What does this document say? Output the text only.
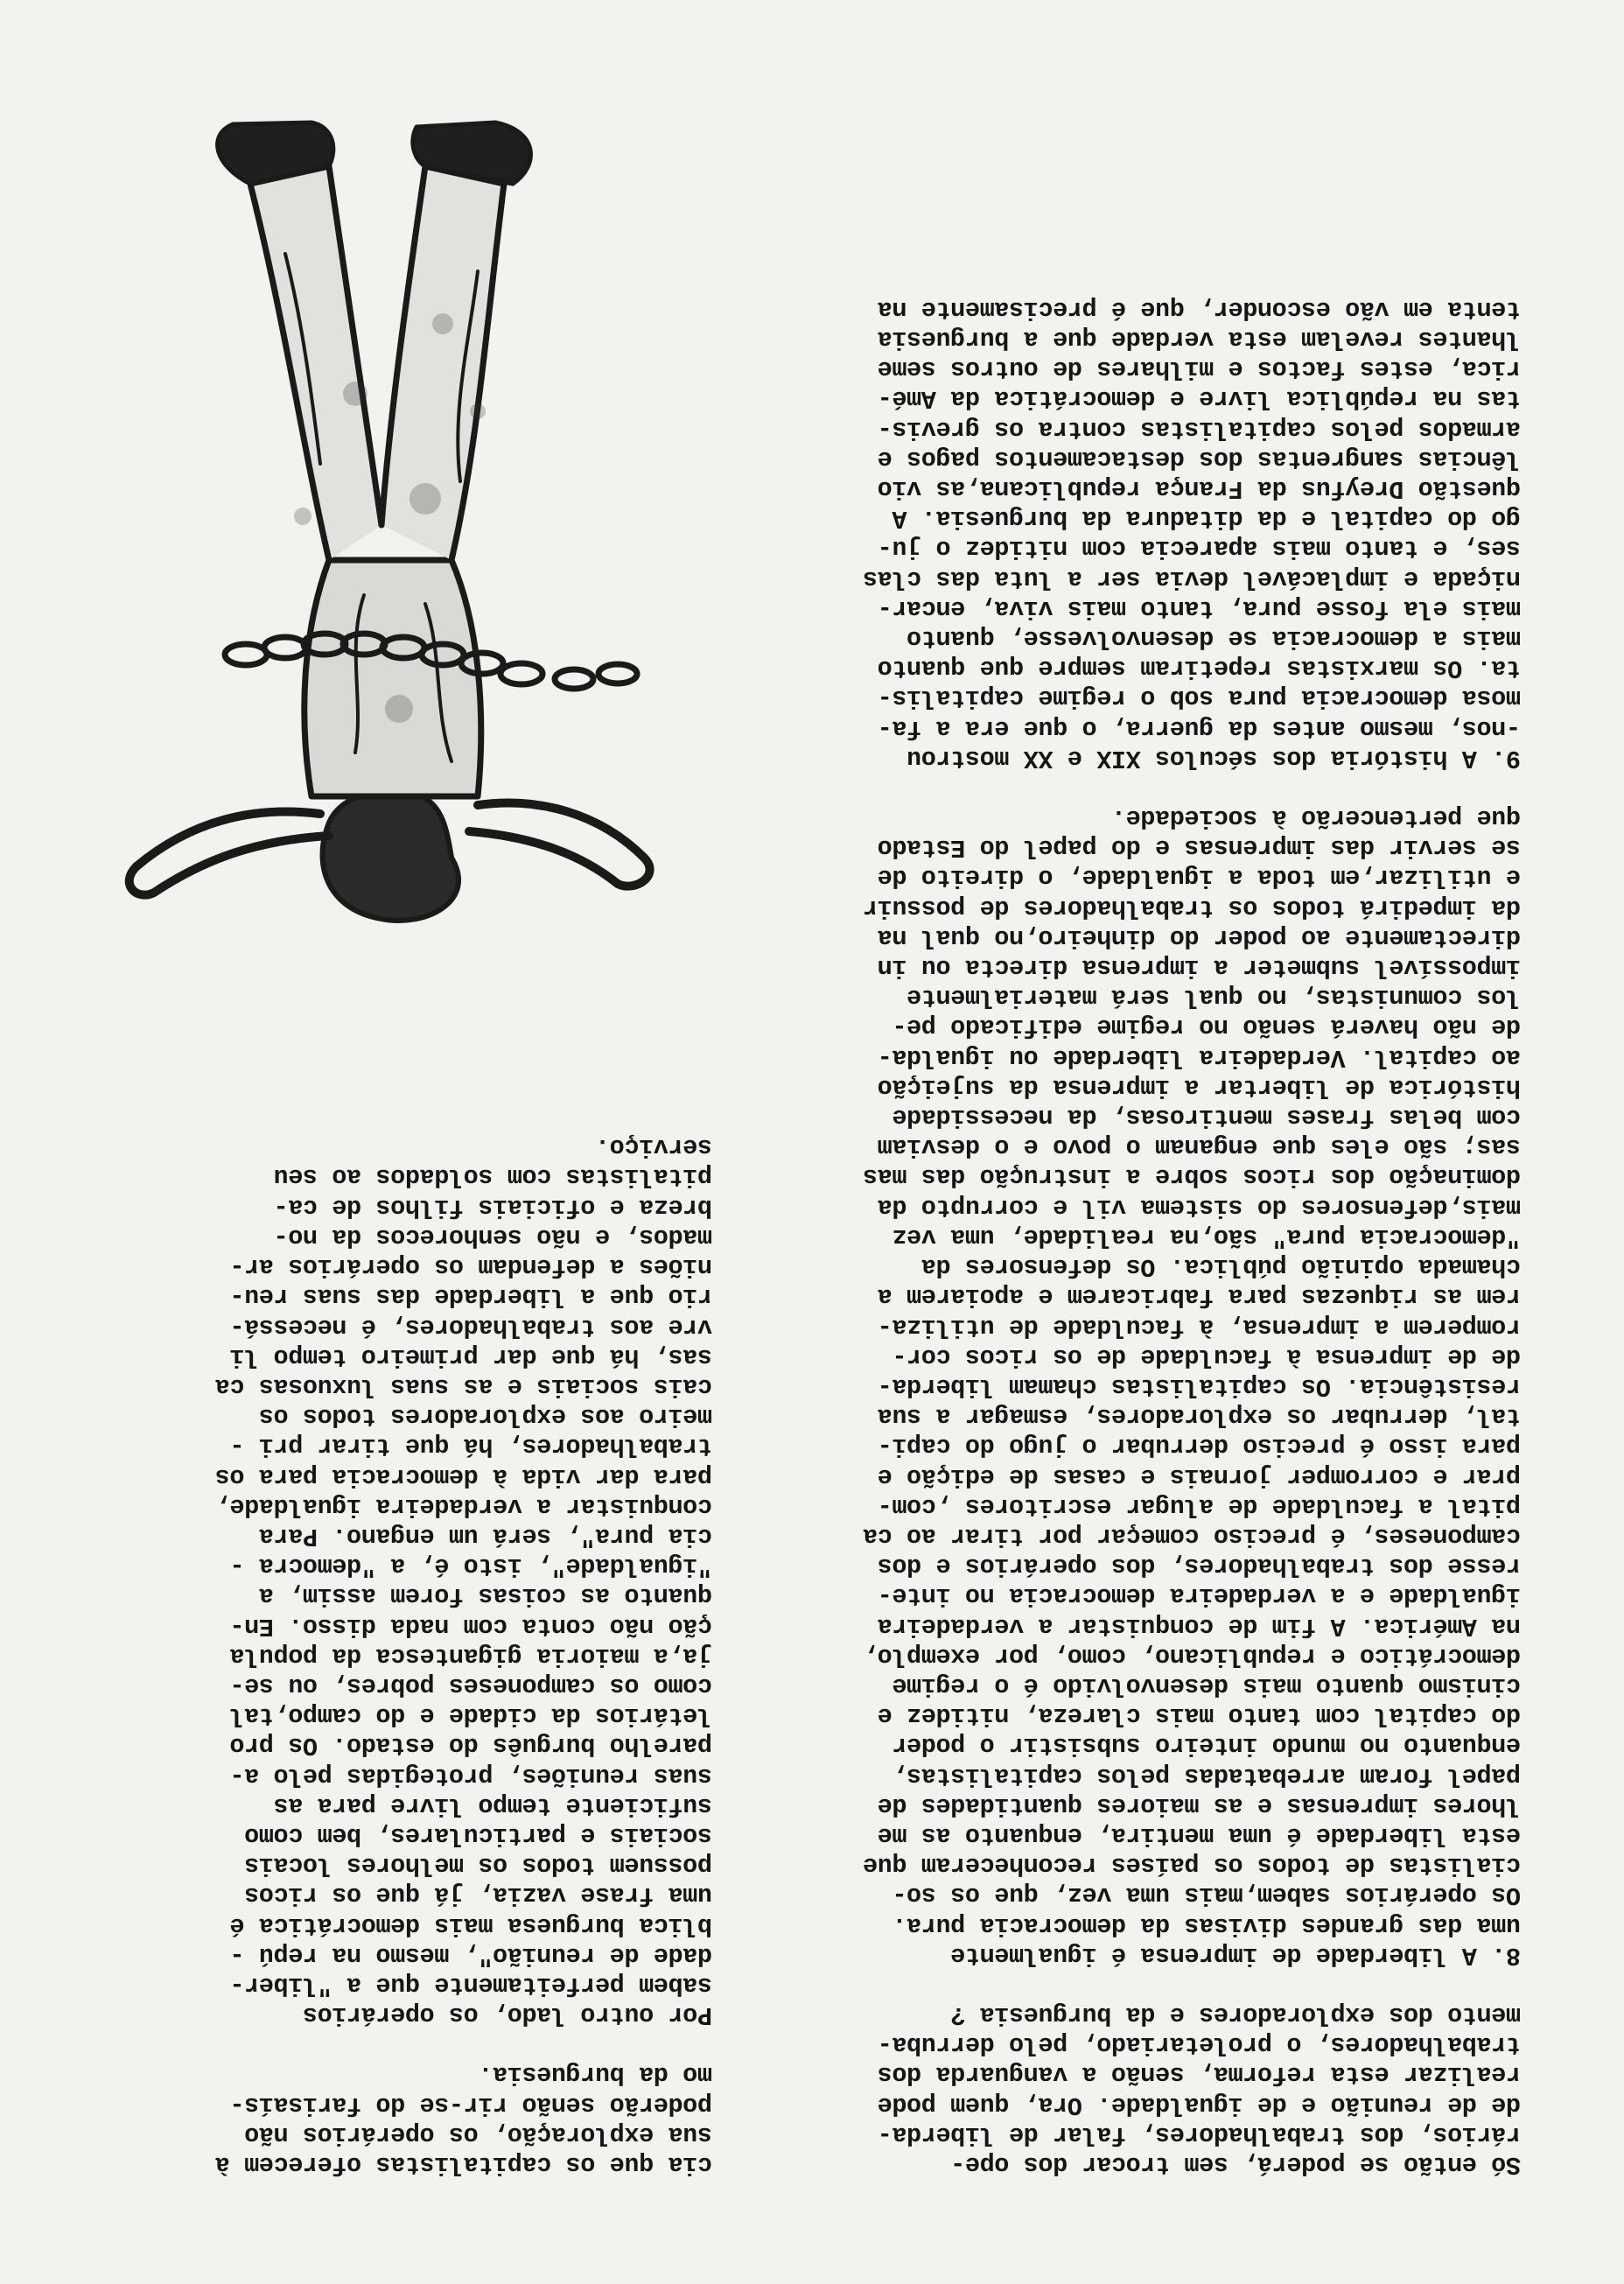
Só então se poderá, sem trocar dos ope-
rários, dos trabalhadores, falar de liberda-
de de reunião e de igualdade. Ora, quem pode
realizar esta reforma, senão a vanguarda dos
trabalhadores, o proletariado, pelo derruba-
mento dos exploradores e da burguesia ?

8. A liberdade de imprensa é igualmente
uma das grandes divisas da democracia pura.
Os operários sabem,mais uma vez, que os so-
cialistas de todos os países reconheceram que
esta liberdade é uma mentira, enquanto as me
lhores imprensas e as maiores quantidades de
papel foram arrebatadas pelos capitalistas,
enquanto no mundo inteiro subsistir o poder
do capital com tanto mais clareza, nitidez e
cinismo quanto mais desenvolvido é o regime
democrático e republicano, como, por exemplo,
na América. A fim de conquistar a verdadeira
igualdade e a verdadeira democracia no inte-
resse dos trabalhadores, dos operários e dos
camponeses, é preciso começar por tirar ao ca
pital a faculdade de alugar escritores ,com-
prar e corromper jornais e casas de edição e
para isso é preciso derrubar o jugo do capi-
tal, derrubar os exploradores, esmagar a sua
resistência. Os capitalistas chamam liberda-
de de imprensa à faculdade de os ricos cor-
romperem a imprensa, à faculdade de utiliza-
rem as riquezas para fabricarem e apoiarem a
chamada opinião pública. Os defensores da
"democracia pura" são,na realidade, uma vez
mais,defensores do sistema vil e corrupto da
dominação dos ricos sobre a instrução das mas
sas; são eles que enganam o povo e o desviam
com belas frases mentirosas, da necessidade
histórica de libertar a imprensa da sujeição
ao capital. Verdadeira liberdade ou igualda-
de não haverá senão no regime edificado pe-
los comunistas, no qual será materialmente
impossível submeter a imprensa directa ou in
directamente ao poder do dinheiro,no qual na
da impedirá todos os trabalhadores de possuir
e utilizar,em toda a igualdade, o direito de
se servir das imprensas e do papel do Estado
que pertencerão à sociedade.

9. A história dos séculos XIX e XX mostrou
-nos, mesmo antes da guerra, o que era a fa-
mosa democracia pura sob o regime capitalis-
ta. Os marxistas repetiram sempre que quanto
mais a democracia se desenvolvesse, quanto
mais ela fosse pura, tanto mais viva, encar-
niçada e implacável devia ser a luta das clas
ses, e tanto mais aparecia com nitidez o ju-
go do capital e da ditadura da burguesia. A
questão Dreyfus da França republicana,as vio
lências sangrentas dos destacamentos pagos e
armados pelos capitalistas contra os grevis-
tas na república livre e democrática da Amé-
rica, estes factos e milhares de outros seme
lhantes revelam esta verdade que a burguesia
tenta em vão esconder, que é precisamente na

cia que os capitalistas oferecem à
sua exploração, os operários não
poderão senão rir-se do farisaís-
mo da burguesia.

Por outro lado, os operários
sabem perfeitamente que a "liber-
dade de reunião", mesmo na repú -
blica burguesa mais democrática é
uma frase vazia, já que os ricos
possuem todos os melhores locais
sociais e particulares, bem como
suficiente tempo livre para as
suas reuniões, protegidas pelo a-
parelho burguês do estado. Os pro
letários da cidade e do campo,tal
como os camponeses pobres, ou se-
ja,a maioria gigantesca da popula
ção não conta com nada disso. En-
quanto as coisas forem assim, a
"igualdade", isto é, a "democra -
cia pura", será um engano. Para
conquistar a verdadeira igualdade,
para dar vida à democracia para os
trabalhadores, há que tirar pri -
meiro aos exploradores todos os
cais sociais e as suas luxuosas ca
sas, há que dar primeiro tempo li
vre aos trabalhadores, é necessá-
rio que a liberdade das suas reu-
niões a defendam os operários ar-
mados, e não senhorecos da no-
breza e oficiais filhos de ca-
pitalistas com soldados ao seu
serviço.
